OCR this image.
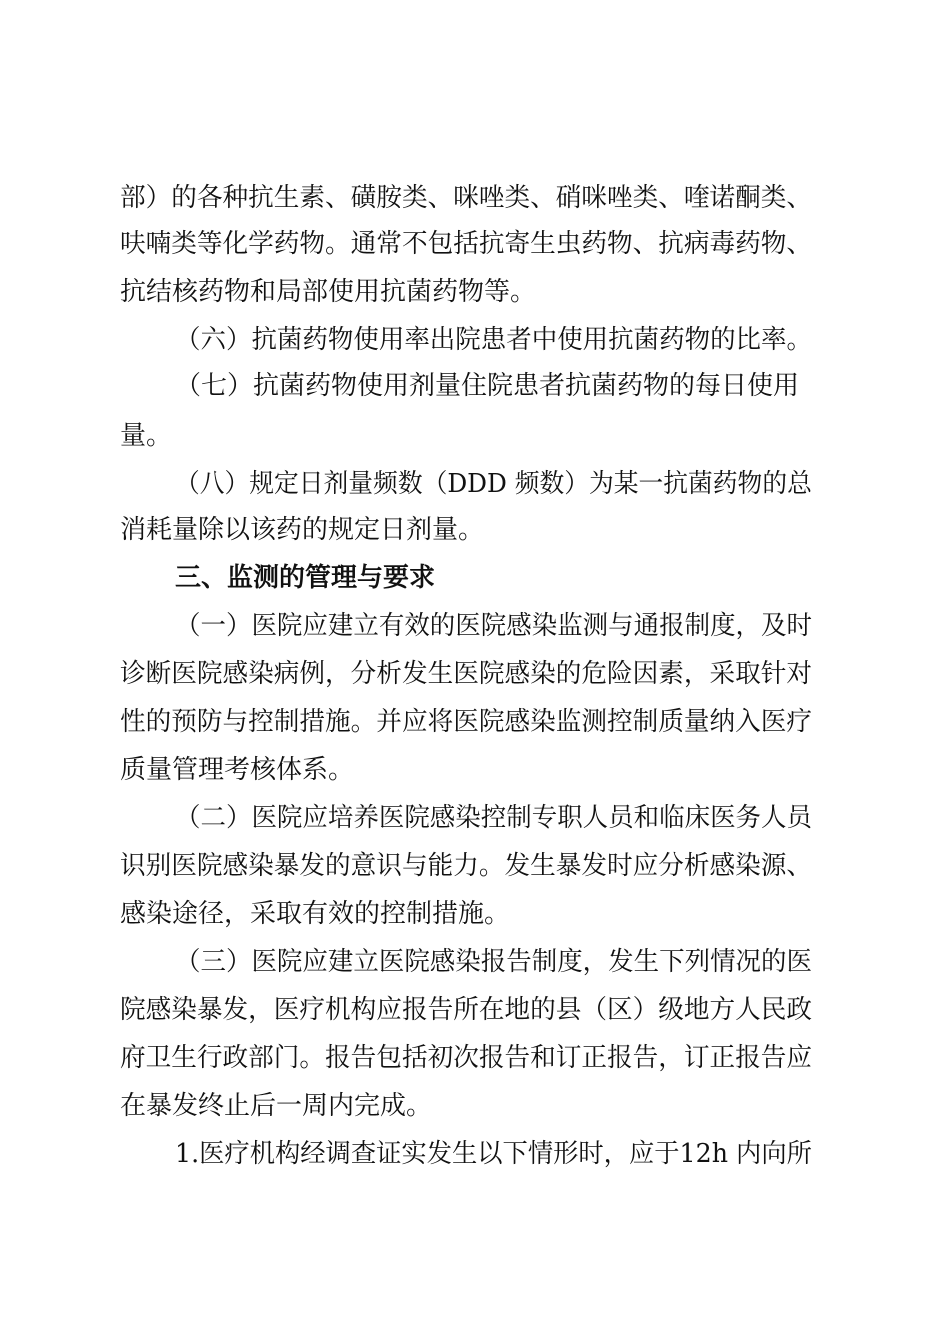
部）的各种抗生素、磺胺类、咪唑类、硝咪唑类、喹诺酮类、
呋喃类等化学药物。通常不包括抗寄生虫药物、抗病毒药物、
抗结核药物和局部使用抗菌药物等。
（六）抗菌药物使用率出院患者中使用抗菌药物的比率。
（七）抗菌药物使用剂量住院患者抗菌药物的每日使用
量。
（八）规定日剂量频数（DDD 频数）为某一抗菌药物的总
消耗量除以该药的规定日剂量。
三、监测的管理与要求
（一）医院应建立有效的医院感染监测与通报制度，及时
诊断医院感染病例，分析发生医院感染的危险因素，采取针对
性的预防与控制措施。并应将医院感染监测控制质量纳入医疗
质量管理考核体系。
（二）医院应培养医院感染控制专职人员和临床医务人员
识别医院感染暴发的意识与能力。发生暴发时应分析感染源、
感染途径，采取有效的控制措施。
（三）医院应建立医院感染报告制度，发生下列情况的医
院感染暴发，医疗机构应报告所在地的县（区）级地方人民政
府卫生行政部门。报告包括初次报告和订正报告，订正报告应
在暴发终止后一周内完成。
1.医疗机构经调查证实发生以下情形时，应于12h 内向所
